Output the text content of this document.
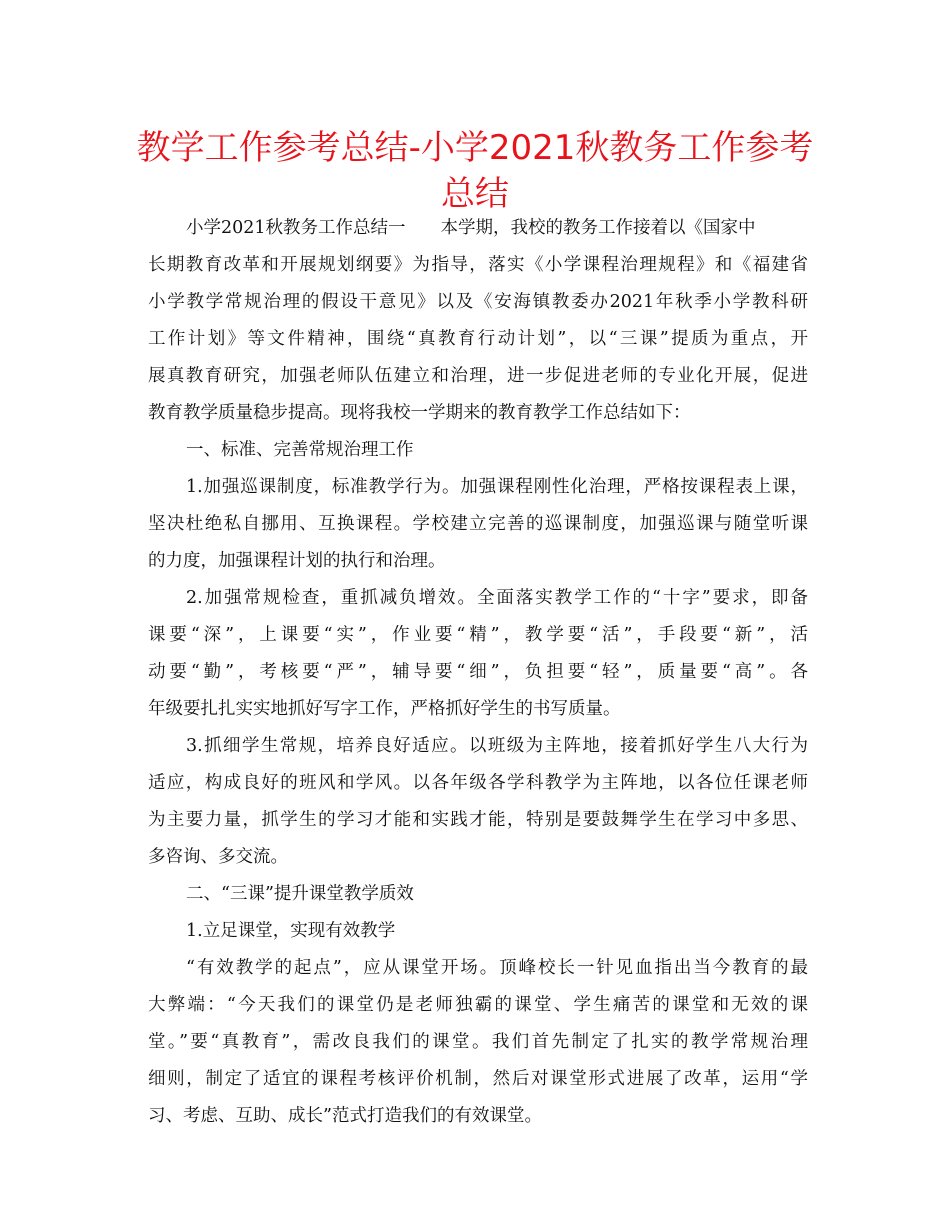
教学工作参考总结-小学2021秋教务工作参考
总结
小学2021秋教务工作总结一　　本学期，我校的教务工作接着以《国家中
长期教育改革和开展规划纲要》为指导，落实《小学课程治理规程》和《福建省
小学教学常规治理的假设干意见》以及《安海镇教委办2021年秋季小学教科研
工作计划》等文件精神，围绕“真教育行动计划”，以“三课”提质为重点，开
展真教育研究，加强老师队伍建立和治理，进一步促进老师的专业化开展，促进
教育教学质量稳步提高。现将我校一学期来的教育教学工作总结如下：
一、标准、完善常规治理工作
1.加强巡课制度，标准教学行为。加强课程刚性化治理，严格按课程表上课，
坚决杜绝私自挪用、互换课程。学校建立完善的巡课制度，加强巡课与随堂听课
的力度，加强课程计划的执行和治理。
2.加强常规检查，重抓减负增效。全面落实教学工作的“十字”要求，即备
课要“深”，上课要“实”，作业要“精”，教学要“活”，手段要“新”，活
动要“勤”，考核要“严”，辅导要“细”，负担要“轻”，质量要“高”。各
年级要扎扎实实地抓好写字工作，严格抓好学生的书写质量。
3.抓细学生常规，培养良好适应。以班级为主阵地，接着抓好学生八大行为
适应，构成良好的班风和学风。以各年级各学科教学为主阵地，以各位任课老师
为主要力量，抓学生的学习才能和实践才能，特别是要鼓舞学生在学习中多思、
多咨询、多交流。
二、“三课”提升课堂教学质效
1.立足课堂，实现有效教学
“有效教学的起点”，应从课堂开场。顶峰校长一针见血指出当今教育的最
大弊端：“今天我们的课堂仍是老师独霸的课堂、学生痛苦的课堂和无效的课
堂。”要“真教育”，需改良我们的课堂。我们首先制定了扎实的教学常规治理
细则，制定了适宜的课程考核评价机制，然后对课堂形式进展了改革，运用“学
习、考虑、互助、成长”范式打造我们的有效课堂。
